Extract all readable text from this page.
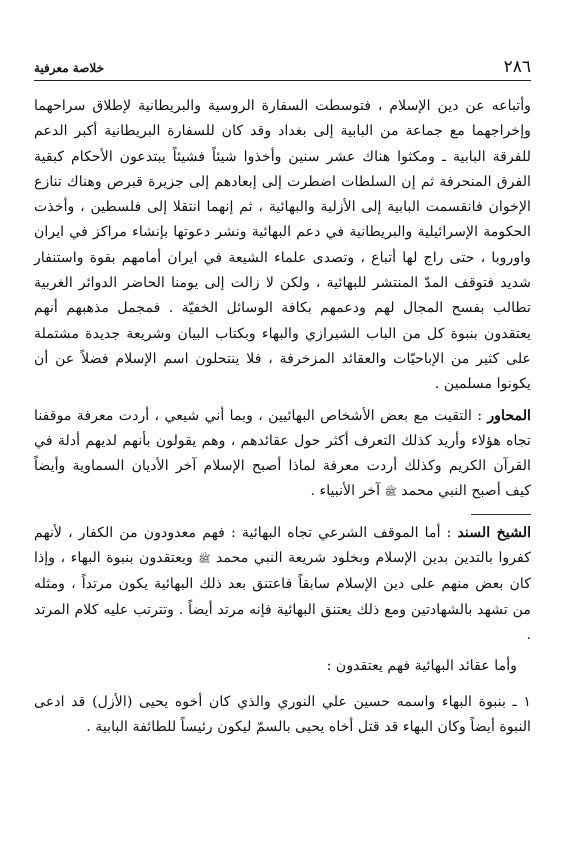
خلاصة معرفية	٢٨٦

وأتباعه عن دين الإسلام ، فتوسطت السفارة الروسية والبريطانية لإطلاق سراحهما وإخراجهما مع جماعة من البابية إلى بغداد وقد كان للسفارة البريطانية أكبر الدعم للفرقة البابية ـ ومكثوا هناك عشر سنين وأخذوا شيئاً فشيئاً يبتدعون الأحكام كبقية الفرق المنحرفة ثم إن السلطات اضطرت إلى إبعادهم إلى جزيرة قبرص وهناك تنازع الإخوان فانقسمت البابية إلى الأزلية والبهائية ، ثم إنهما انتقلا إلى فلسطين ، وأخذت الحكومة الإسرائيلية والبريطانية في دعم البهائية ونشر دعوتها بإنشاء مراكز في ايران واوروبا ، حتى راج لها أتباع ، وتصدى علماء الشيعة في ايران أمامهم بقوة واستنفار شديد فتوقف المدّ المنتشر للبهائية ، ولكن لا زالت إلى يومنا الحاضر الدوائر الغربية تطالب بفسح المجال لهم ودعمهم بكافة الوسائل الخفيّة . فمجمل مذهبهم أنهم يعتقدون بنبوة كل من الباب الشيرازي والبهاء وبكتاب البيان وشريعة جديدة مشتملة على كثير من الإباحيّات والعقائد المزخرفة ، فلا ينتحلون اسم الإسلام فضلاً عن أن يكونوا مسلمين .

المحاور : التقيت مع بعض الأشخاص البهائيين ، وبما أني شيعي ، أردت معرفة موقفنا تجاه هؤلاء وأريد كذلك التعرف أكثر حول عقائدهم ، وهم يقولون بأنهم لديهم أدلة في القرآن الكريم وكذلك أردت معرفة لماذا أصبح الإسلام آخر الأديان السماوية وأيضاً كيف أصبح النبي محمد ﷺ آخر الأنبياء .

الشيخ السند : أما الموقف الشرعي تجاه البهائية : فهم معدودون من الكفار ، لأنهم كفروا بالتدين بدين الإسلام وبخلود شريعة النبي محمد ﷺ ويعتقدون بنبوة البهاء ، وإذا كان بعض منهم على دين الإسلام سابقاً فاعتنق بعد ذلك البهائية يكون مرتداً ، ومثله من تشهد بالشهادتين ومع ذلك يعتنق البهائية فإنه مرتد أيضاً . وتترتب عليه كلام المرتد .

وأما عقائد البهائية فهم يعتقدون :

١ ـ بنبوة البهاء واسمه حسين علي النوري والذي كان أخوه يحيى (الأزل) قد ادعى النبوة أيضاً وكان البهاء قد قتل أخاه يحيى بالسمّ ليكون رئيساً للطائفة البابية .
